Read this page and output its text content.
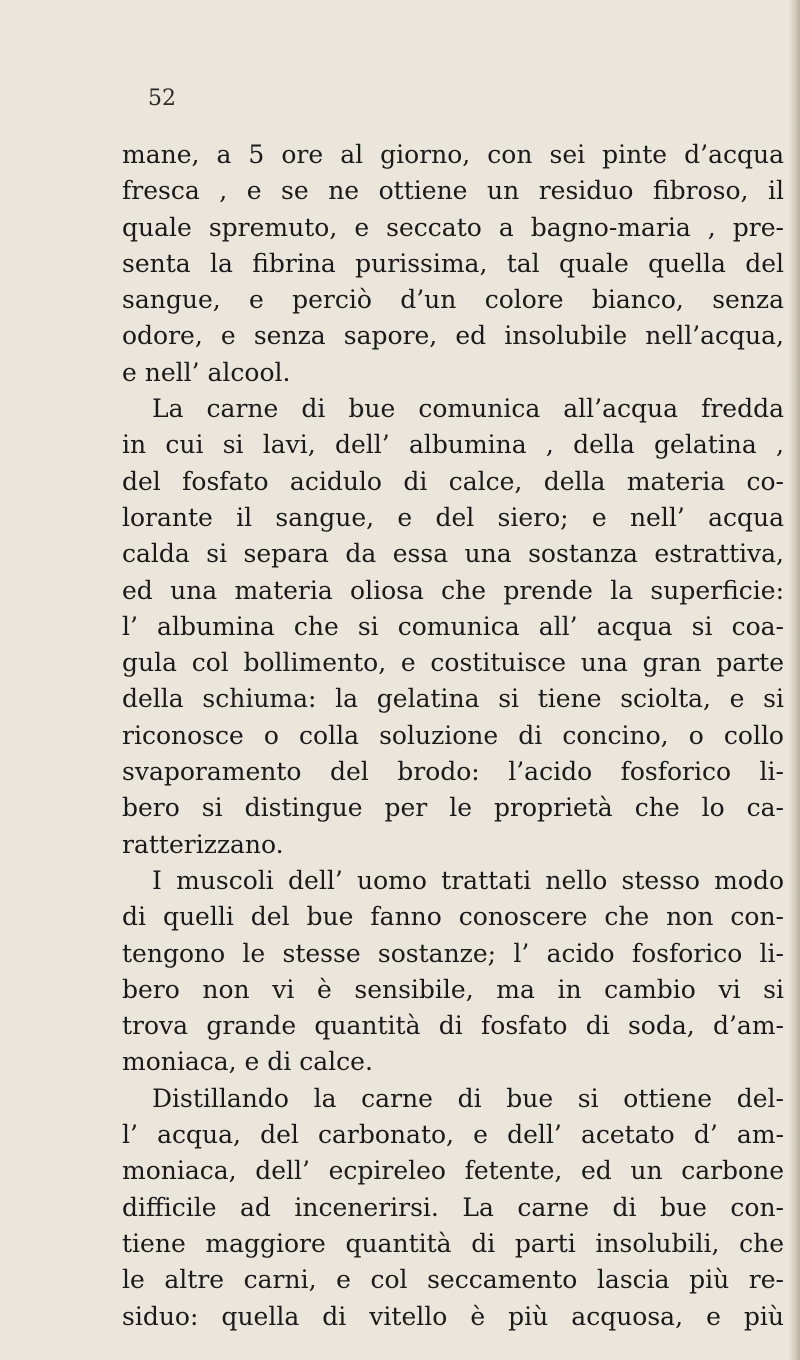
52
mane, a 5 ore al giorno, con sei pinte d’acqua
fresca , e se ne ottiene un residuo fibroso, il
quale spremuto, e seccato a bagno-maria , pre-
senta la fibrina purissima, tal quale quella del
sangue, e perciò d’un colore bianco, senza
odore, e senza sapore, ed insolubile nell’acqua,
e nell’ alcool.
La carne di bue comunica all’acqua fredda
in cui si lavi, dell’ albumina , della gelatina ,
del fosfato acidulo di calce, della materia co-
lorante il sangue, e del siero; e nell’ acqua
calda si separa da essa una sostanza estrattiva,
ed una materia oliosa che prende la superficie:
l’ albumina che si comunica all’ acqua si coa-
gula col bollimento, e costituisce una gran parte
della schiuma: la gelatina si tiene sciolta, e si
riconosce o colla soluzione di concino, o collo
svaporamento del brodo: l’acido fosforico li-
bero si distingue per le proprietà che lo ca-
ratterizzano.
I muscoli dell’ uomo trattati nello stesso modo
di quelli del bue fanno conoscere che non con-
tengono le stesse sostanze; l’ acido fosforico li-
bero non vi è sensibile, ma in cambio vi si
trova grande quantità di fosfato di soda, d’am-
moniaca, e di calce.
Distillando la carne di bue si ottiene del-
l’ acqua, del carbonato, e dell’ acetato d’ am-
moniaca, dell’ ecpireleo fetente, ed un carbone
difficile ad incenerirsi. La carne di bue con-
tiene maggiore quantità di parti insolubili, che
le altre carni, e col seccamento lascia più re-
siduo: quella di vitello è più acquosa, e più
